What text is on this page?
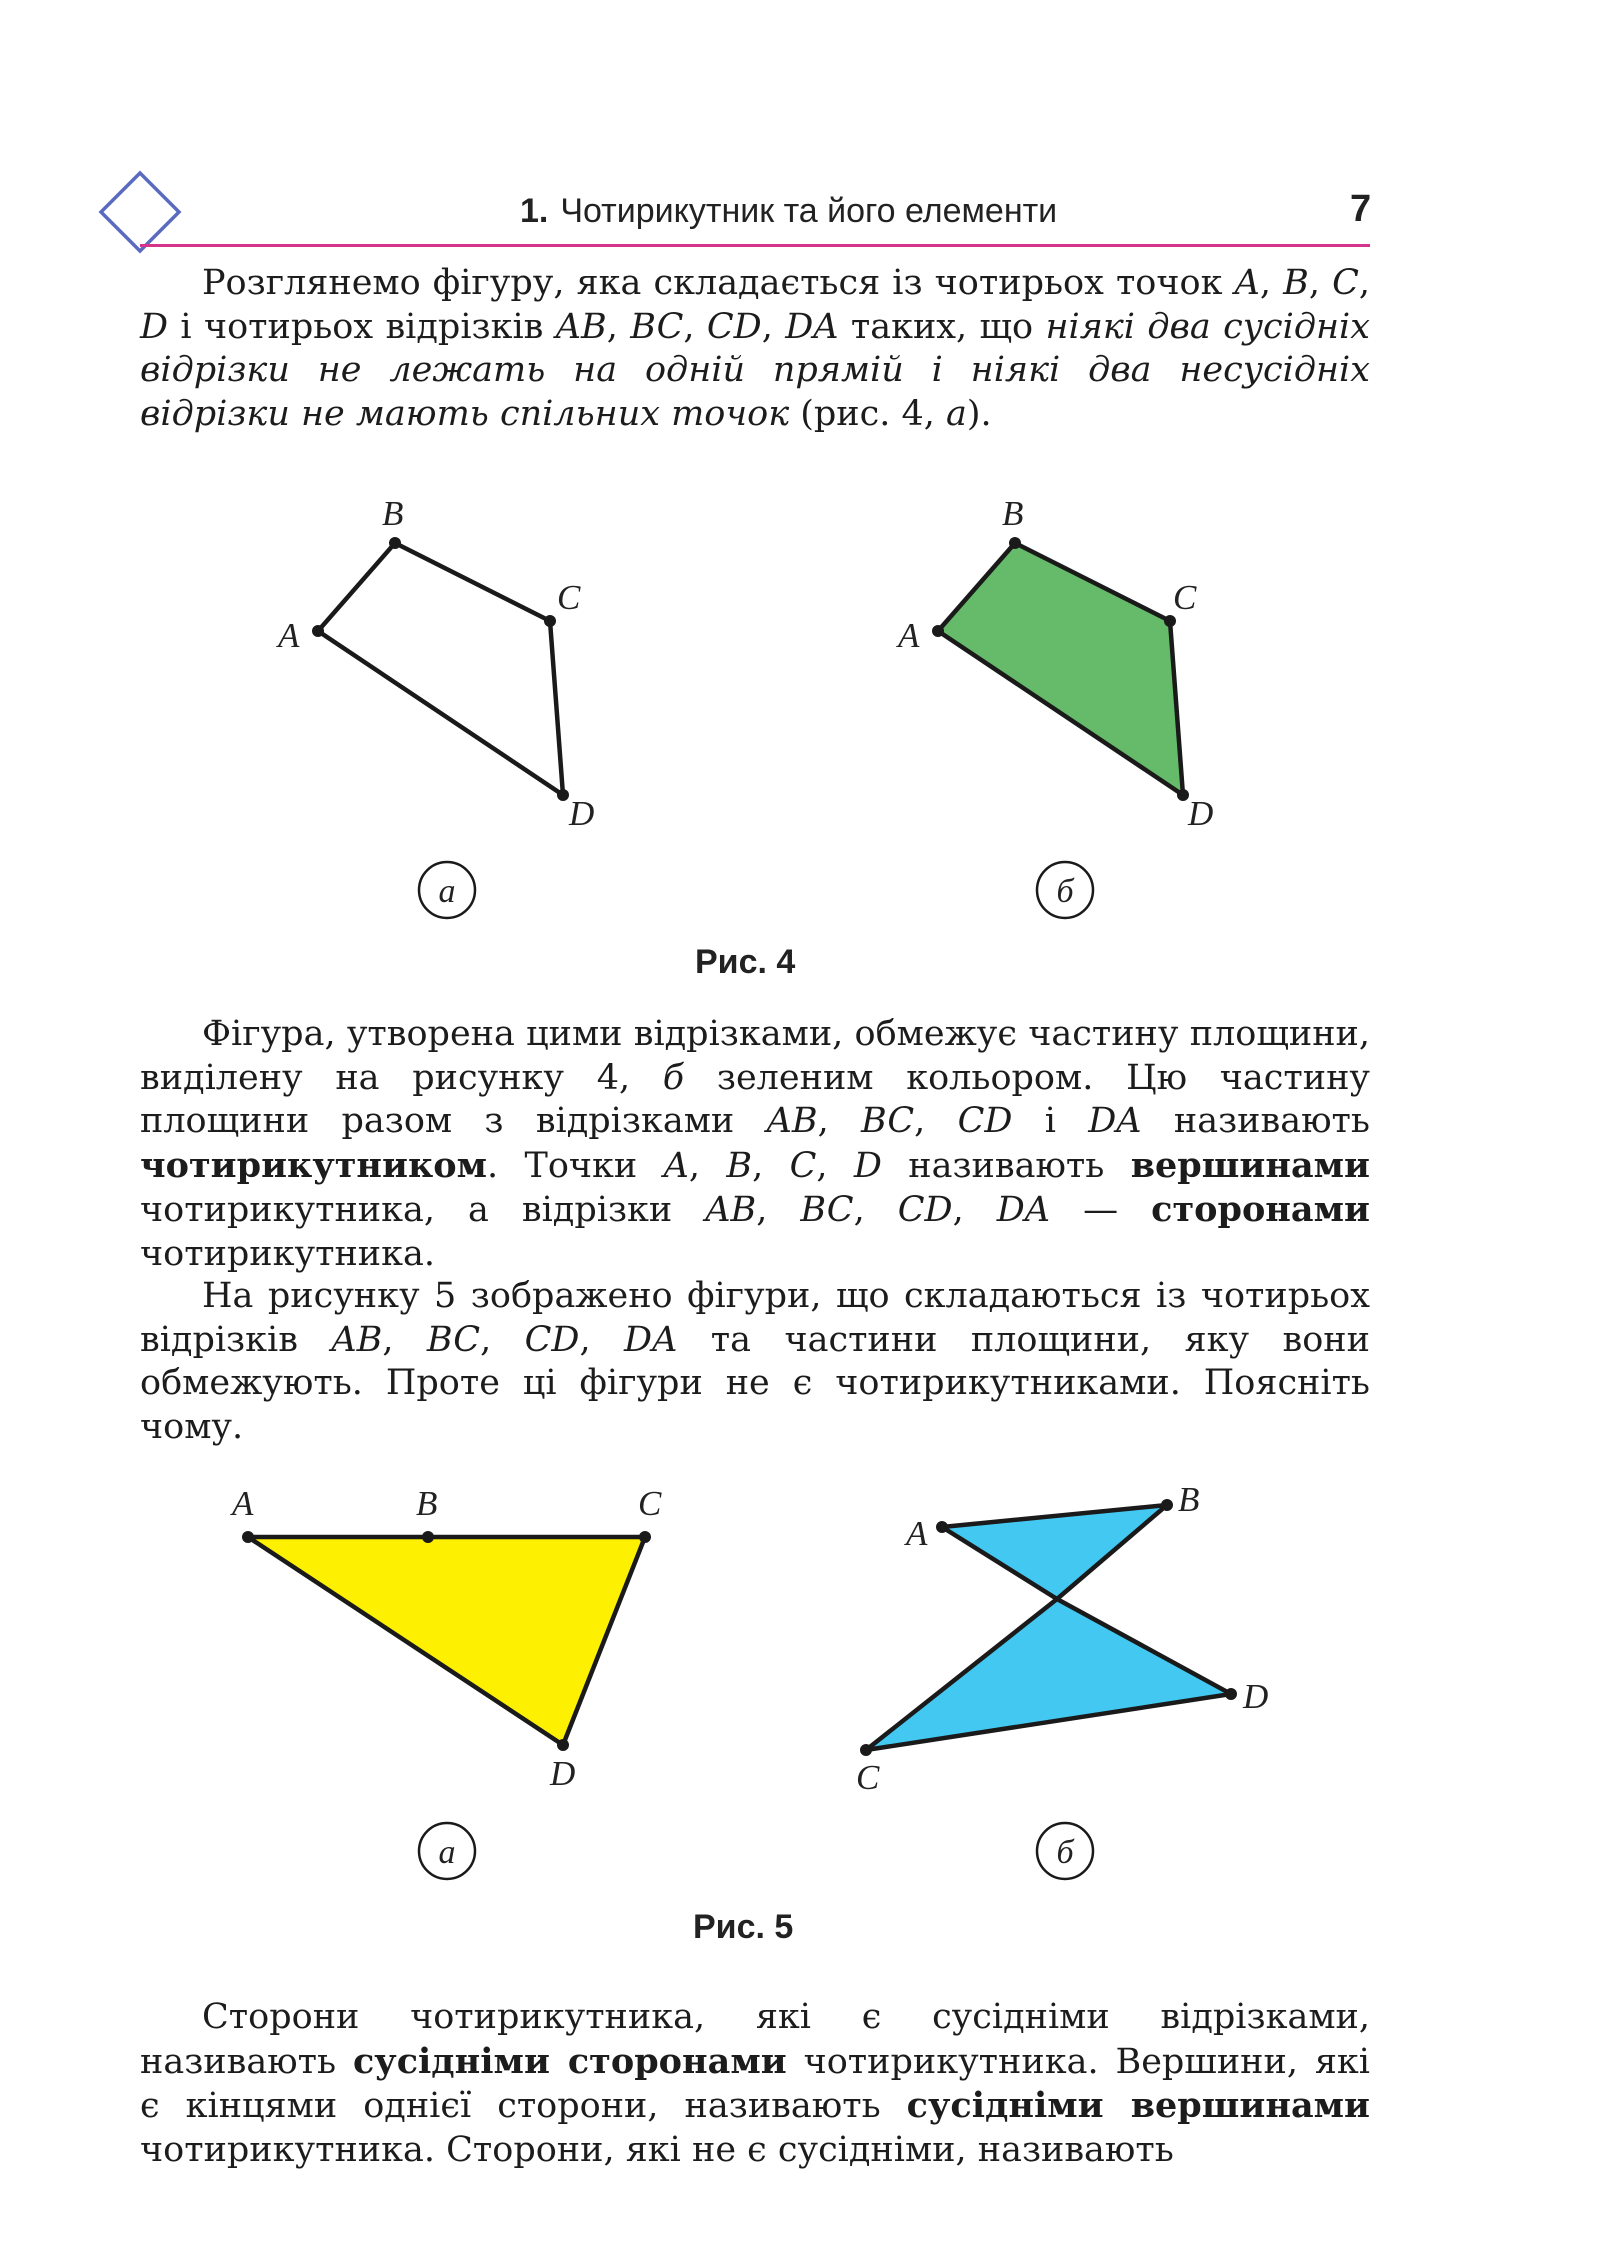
1. Чотирикутник та його елементи	7
Розглянемо фігуру, яка складається із чотирьох точок A, B, C, D і чотирьох відрізків AB, BC, CD, DA таких, що ніякі два сусідніх відрізки не лежать на одній прямій і ніякі два несусідніх відрізки не мають спільних точок (рис. 4, а).
A
B
C
D
а
A
B
C
D
б
Рис. 4
Фігура, утворена цими відрізками, обмежує частину площини, виділену на рисунку 4, б зеленим кольором. Цю частину площини разом з відрізками AB, BC, CD і DA називають чотирикутником. Точки A, B, C, D називають вершинами чотирикутника, а відрізки AB, BC, CD, DA — сторонами чотирикутника.
На рисунку 5 зображено фігури, що складаються із чотирьох відрізків AB, BC, CD, DA та частини площини, яку вони обмежують. Проте ці фігури не є чотирикутниками. Поясніть чому.
A	B	C
D
а
A
B
C
D
б
Рис. 5
Сторони чотирикутника, які є сусідніми відрізками, називають сусідніми сторонами чотирикутника. Вершини, які є кінцями однієї сторони, називають сусідніми вершинами чотирикутника. Сторони, які не є сусідніми, називають
